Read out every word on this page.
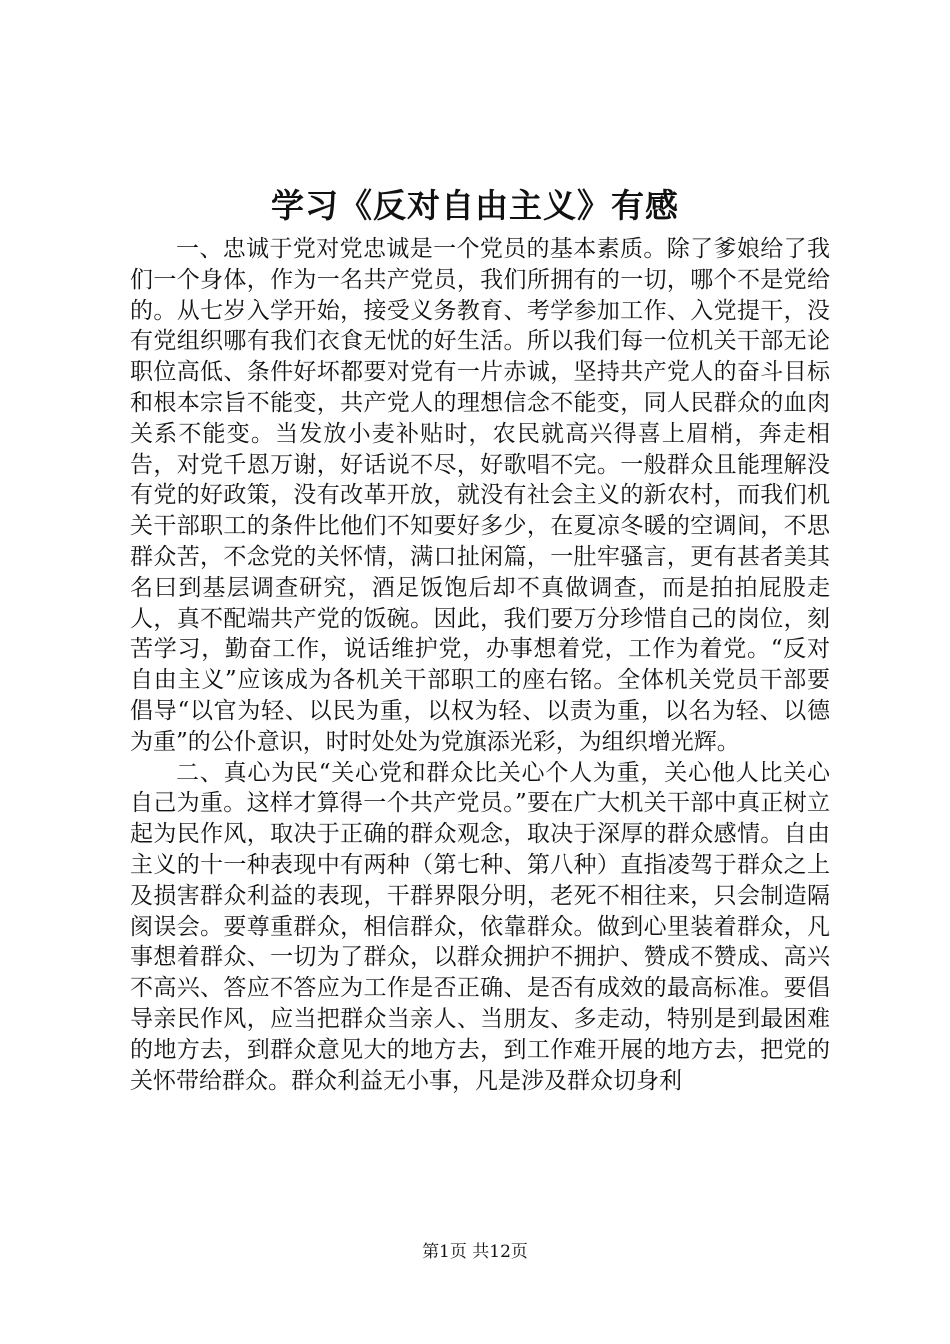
学习《反对自由主义》有感

一、忠诚于党对党忠诚是一个党员的基本素质。除了爹娘给了我们一个身体，作为一名共产党员，我们所拥有的一切，哪个不是党给的。从七岁入学开始，接受义务教育、考学参加工作、入党提干，没有党组织哪有我们衣食无忧的好生活。所以我们每一位机关干部无论职位高低、条件好坏都要对党有一片赤诚，坚持共产党人的奋斗目标和根本宗旨不能变，共产党人的理想信念不能变，同人民群众的血肉关系不能变。当发放小麦补贴时，农民就高兴得喜上眉梢，奔走相告，对党千恩万谢，好话说不尽，好歌唱不完。一般群众且能理解没有党的好政策，没有改革开放，就没有社会主义的新农村，而我们机关干部职工的条件比他们不知要好多少，在夏凉冬暖的空调间，不思群众苦，不念党的关怀情，满口扯闲篇，一肚牢骚言，更有甚者美其名曰到基层调查研究，酒足饭饱后却不真做调查，而是拍拍屁股走人，真不配端共产党的饭碗。因此，我们要万分珍惜自己的岗位，刻苦学习，勤奋工作，说话维护党，办事想着党，工作为着党。“反对自由主义”应该成为各机关干部职工的座右铭。全体机关党员干部要倡导“以官为轻、以民为重，以权为轻、以责为重，以名为轻、以德为重”的公仆意识，时时处处为党旗添光彩，为组织增光辉。

二、真心为民“关心党和群众比关心个人为重，关心他人比关心自己为重。这样才算得一个共产党员。”要在广大机关干部中真正树立起为民作风，取决于正确的群众观念，取决于深厚的群众感情。自由主义的十一种表现中有两种（第七种、第八种）直指凌驾于群众之上及损害群众利益的表现，干群界限分明，老死不相往来，只会制造隔阂误会。要尊重群众，相信群众，依靠群众。做到心里装着群众，凡事想着群众、一切为了群众，以群众拥护不拥护、赞成不赞成、高兴不高兴、答应不答应为工作是否正确、是否有成效的最高标准。要倡导亲民作风，应当把群众当亲人、当朋友、多走动，特别是到最困难的地方去，到群众意见大的地方去，到工作难开展的地方去，把党的关怀带给群众。群众利益无小事，凡是涉及群众切身利

第1页 共12页
